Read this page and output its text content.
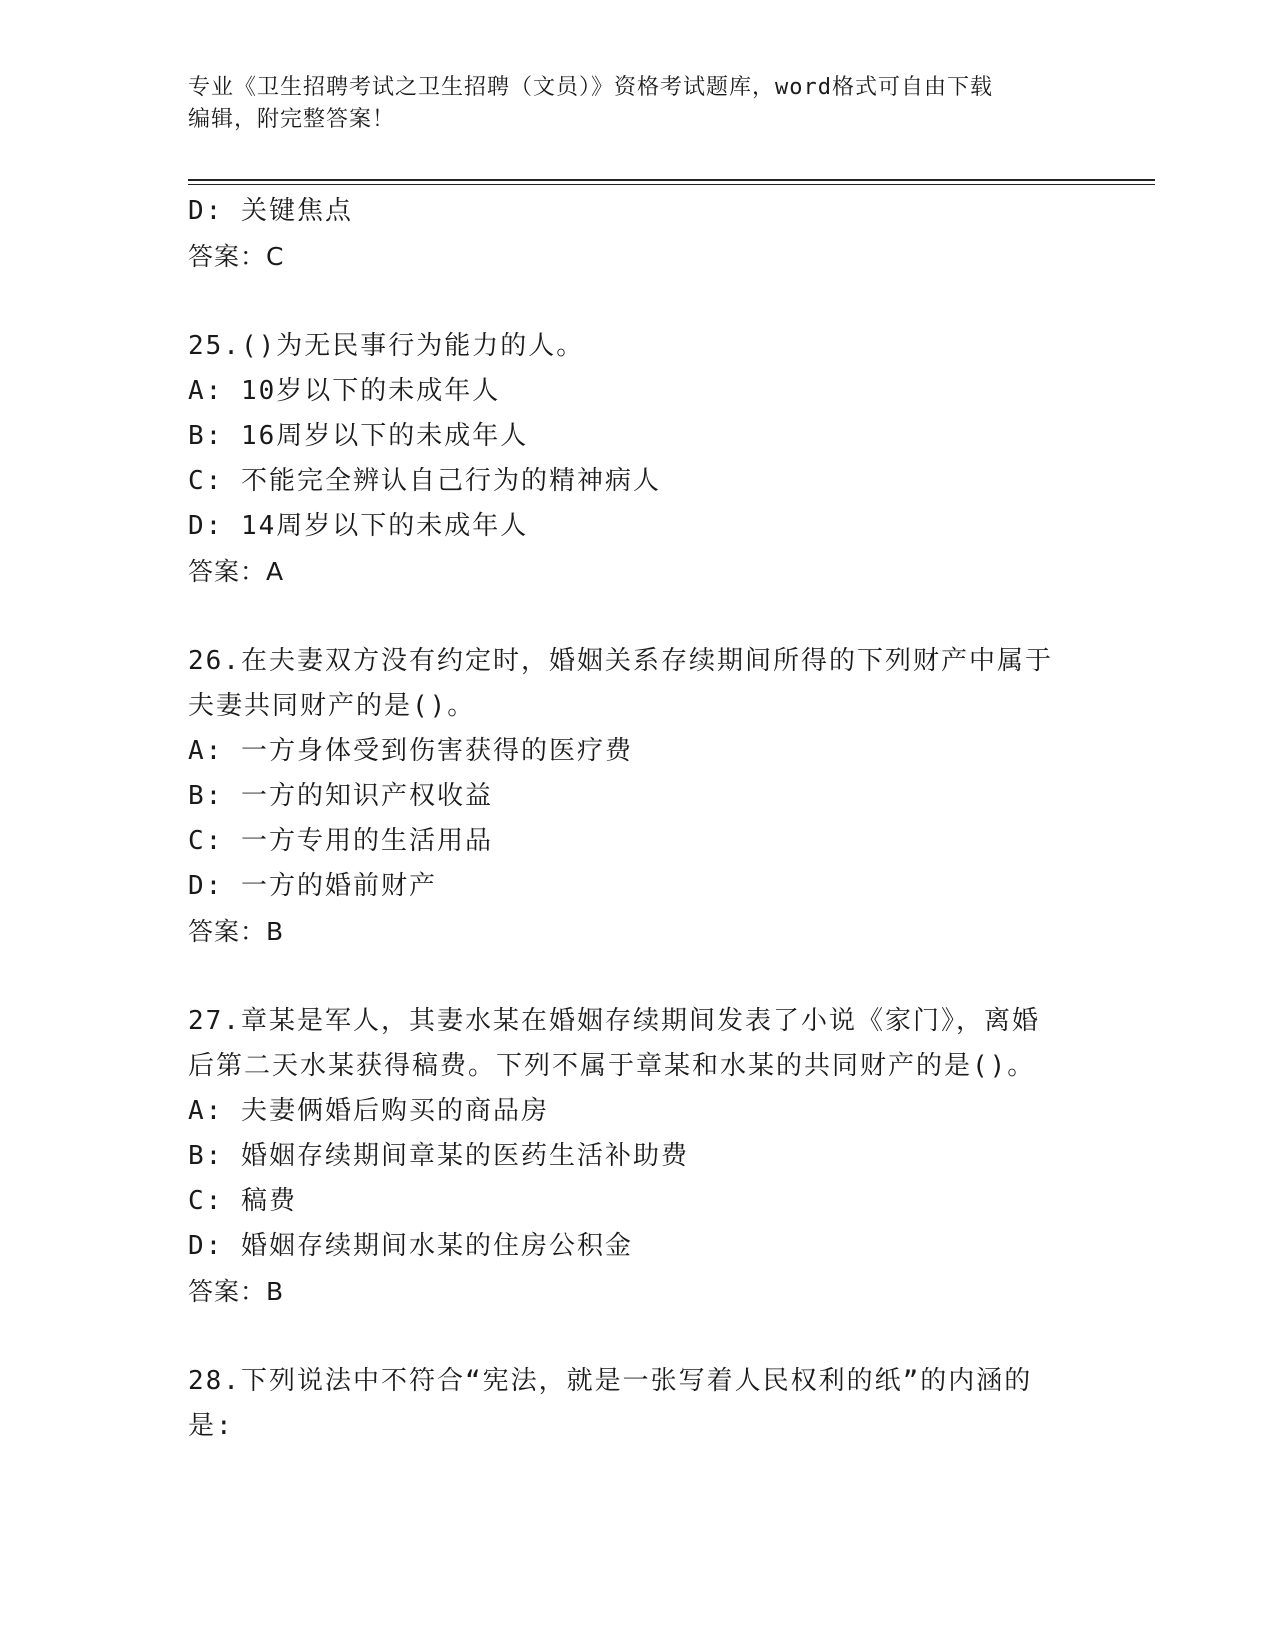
专业《卫生招聘考试之卫生招聘（文员）》资格考试题库，word格式可自由下载
编辑，附完整答案！
D: 关键焦点
答案：C
25.()为无民事行为能力的人。
A: 10岁以下的未成年人
B: 16周岁以下的未成年人
C: 不能完全辨认自己行为的精神病人
D: 14周岁以下的未成年人
答案：A
26.在夫妻双方没有约定时，婚姻关系存续期间所得的下列财产中属于
夫妻共同财产的是()。
A: 一方身体受到伤害获得的医疗费
B: 一方的知识产权收益
C: 一方专用的生活用品
D: 一方的婚前财产
答案：B
27.章某是军人，其妻水某在婚姻存续期间发表了小说《家门》，离婚
后第二天水某获得稿费。下列不属于章某和水某的共同财产的是()。
A: 夫妻俩婚后购买的商品房
B: 婚姻存续期间章某的医药生活补助费
C: 稿费
D: 婚姻存续期间水某的住房公积金
答案：B
28.下列说法中不符合“宪法，就是一张写着人民权利的纸”的内涵的
是:
